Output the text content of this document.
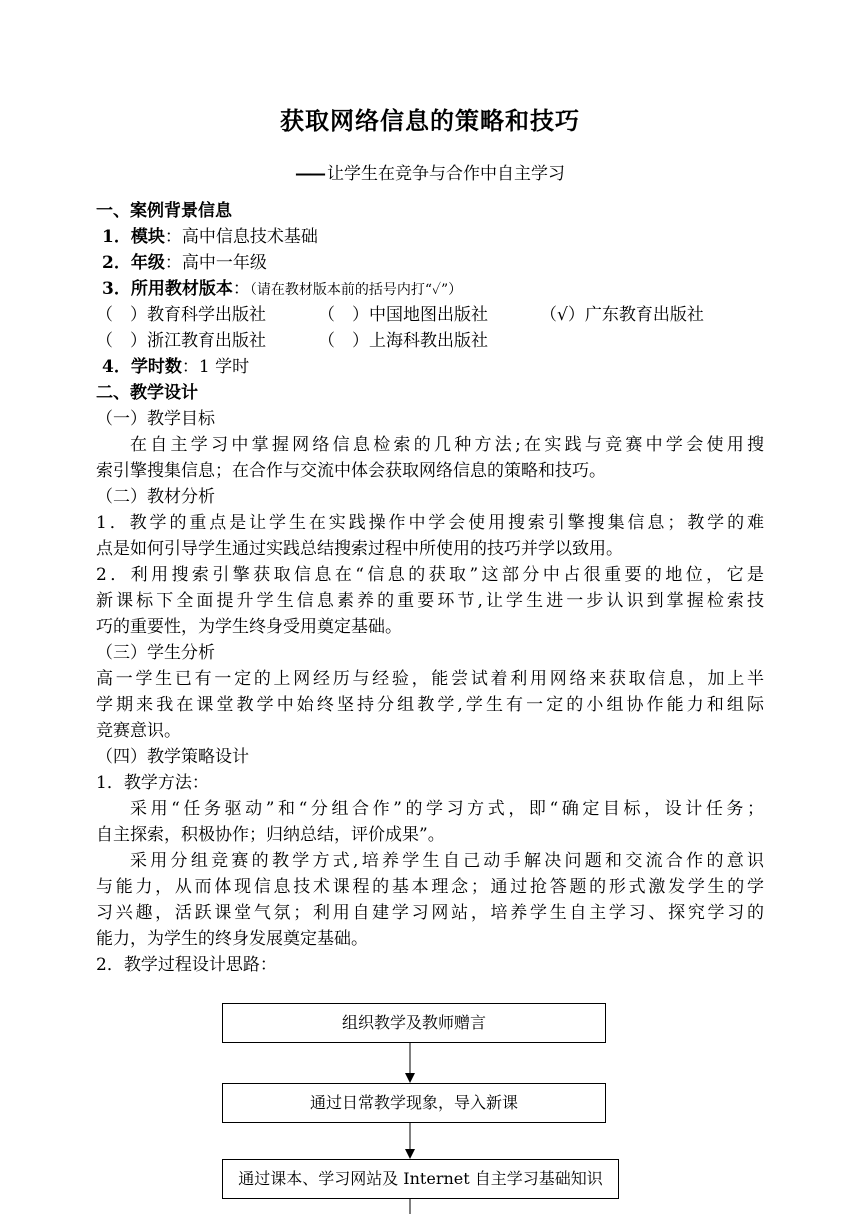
获取网络信息的策略和技巧
—— 让学生在竞争与合作中自主学习
一、案例背景信息
1．模块：高中信息技术基础
2．年级：高中一年级
3．所用教材版本：（请在教材版本前的括号内打“✓”）
（　）教育科学出版社	（　）中国地图出版社	（√）广东教育出版社
（　）浙江教育出版社	（　）上海科教出版社
4．学时数：1 学时
二、教学设计
（一）教学目标
在自主学习中掌握网络信息检索的几种方法;在实践与竞赛中学会使用搜
索引擎搜集信息；在合作与交流中体会获取网络信息的策略和技巧。
（二）教材分析
1．教学的重点是让学生在实践操作中学会使用搜索引擎搜集信息；教学的难
点是如何引导学生通过实践总结搜索过程中所使用的技巧并学以致用。
2．利用搜索引擎获取信息在“信息的获取”这部分中占很重要的地位，它是
新课标下全面提升学生信息素养的重要环节,让学生进一步认识到掌握检索技
巧的重要性，为学生终身受用奠定基础。
（三）学生分析
高一学生已有一定的上网经历与经验，能尝试着利用网络来获取信息，加上半
学期来我在课堂教学中始终坚持分组教学,学生有一定的小组协作能力和组际
竞赛意识。
（四）教学策略设计
1．教学方法：
采用“任务驱动”和“分组合作”的学习方式，即“确定目标，设计任务；
自主探索，积极协作；归纳总结，评价成果”。
采用分组竞赛的教学方式,培养学生自己动手解决问题和交流合作的意识
与能力，从而体现信息技术课程的基本理念；通过抢答题的形式激发学生的学
习兴趣，活跃课堂气氛；利用自建学习网站，培养学生自主学习、探究学习的
能力，为学生的终身发展奠定基础。
2．教学过程设计思路：
组织教学及教师赠言
通过日常教学现象，导入新课
通过课本、学习网站及 Internet 自主学习基础知识
